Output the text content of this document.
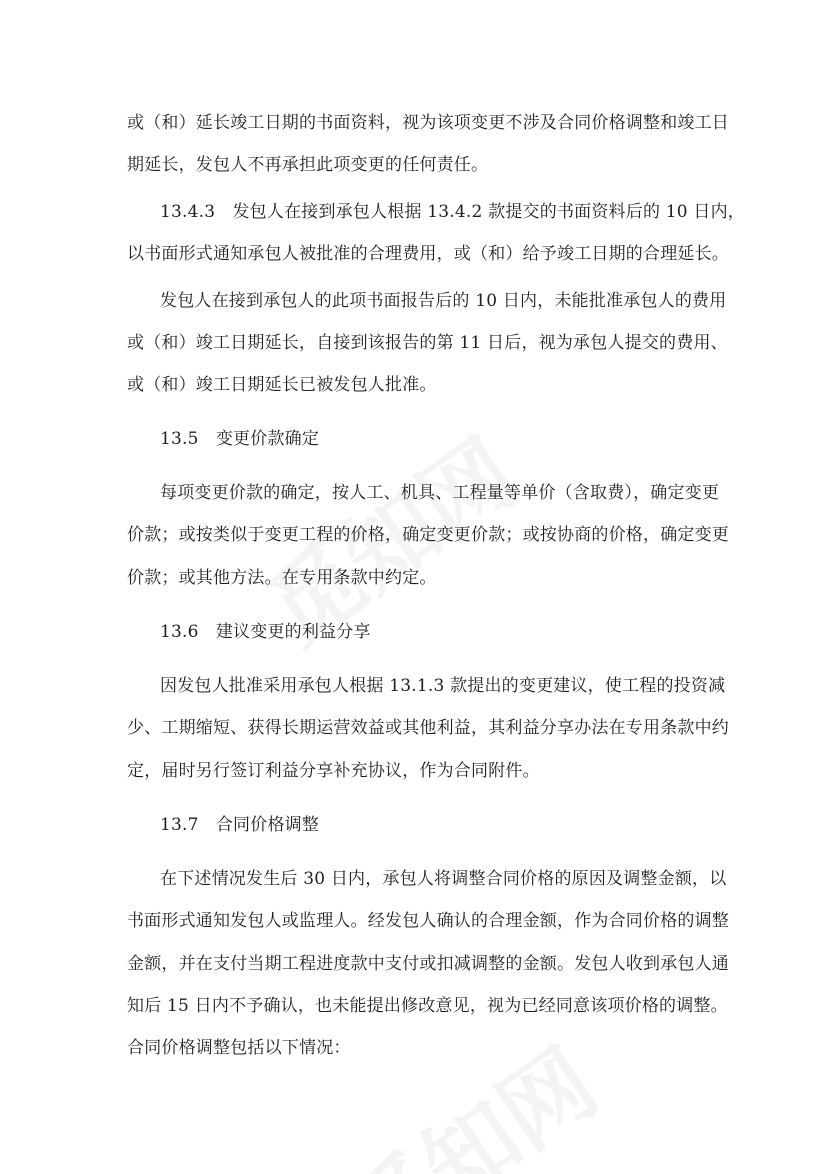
或（和）延长竣工日期的书面资料，视为该项变更不涉及合同价格调整和竣工日
期延长，发包人不再承担此项变更的任何责任。
13.4.3　发包人在接到承包人根据 13.4.2 款提交的书面资料后的 10 日内，
以书面形式通知承包人被批准的合理费用，或（和）给予竣工日期的合理延长。
发包人在接到承包人的此项书面报告后的 10 日内，未能批准承包人的费用
或（和）竣工日期延长，自接到该报告的第 11 日后，视为承包人提交的费用、
或（和）竣工日期延长已被发包人批准。
13.5　变更价款确定
每项变更价款的确定，按人工、机具、工程量等单价（含取费），确定变更
价款；或按类似于变更工程的价格，确定变更价款；或按协商的价格，确定变更
价款；或其他方法。在专用条款中约定。
13.6　建议变更的利益分享
因发包人批准采用承包人根据 13.1.3 款提出的变更建议，使工程的投资减
少、工期缩短、获得长期运营效益或其他利益，其利益分享办法在专用条款中约
定，届时另行签订利益分享补充协议，作为合同附件。
13.7　合同价格调整
在下述情况发生后 30 日内，承包人将调整合同价格的原因及调整金额，以
书面形式通知发包人或监理人。经发包人确认的合理金额，作为合同价格的调整
金额，并在支付当期工程进度款中支付或扣减调整的金额。发包人收到承包人通
知后 15 日内不予确认，也未能提出修改意见，视为已经同意该项价格的调整。
合同价格调整包括以下情况：
